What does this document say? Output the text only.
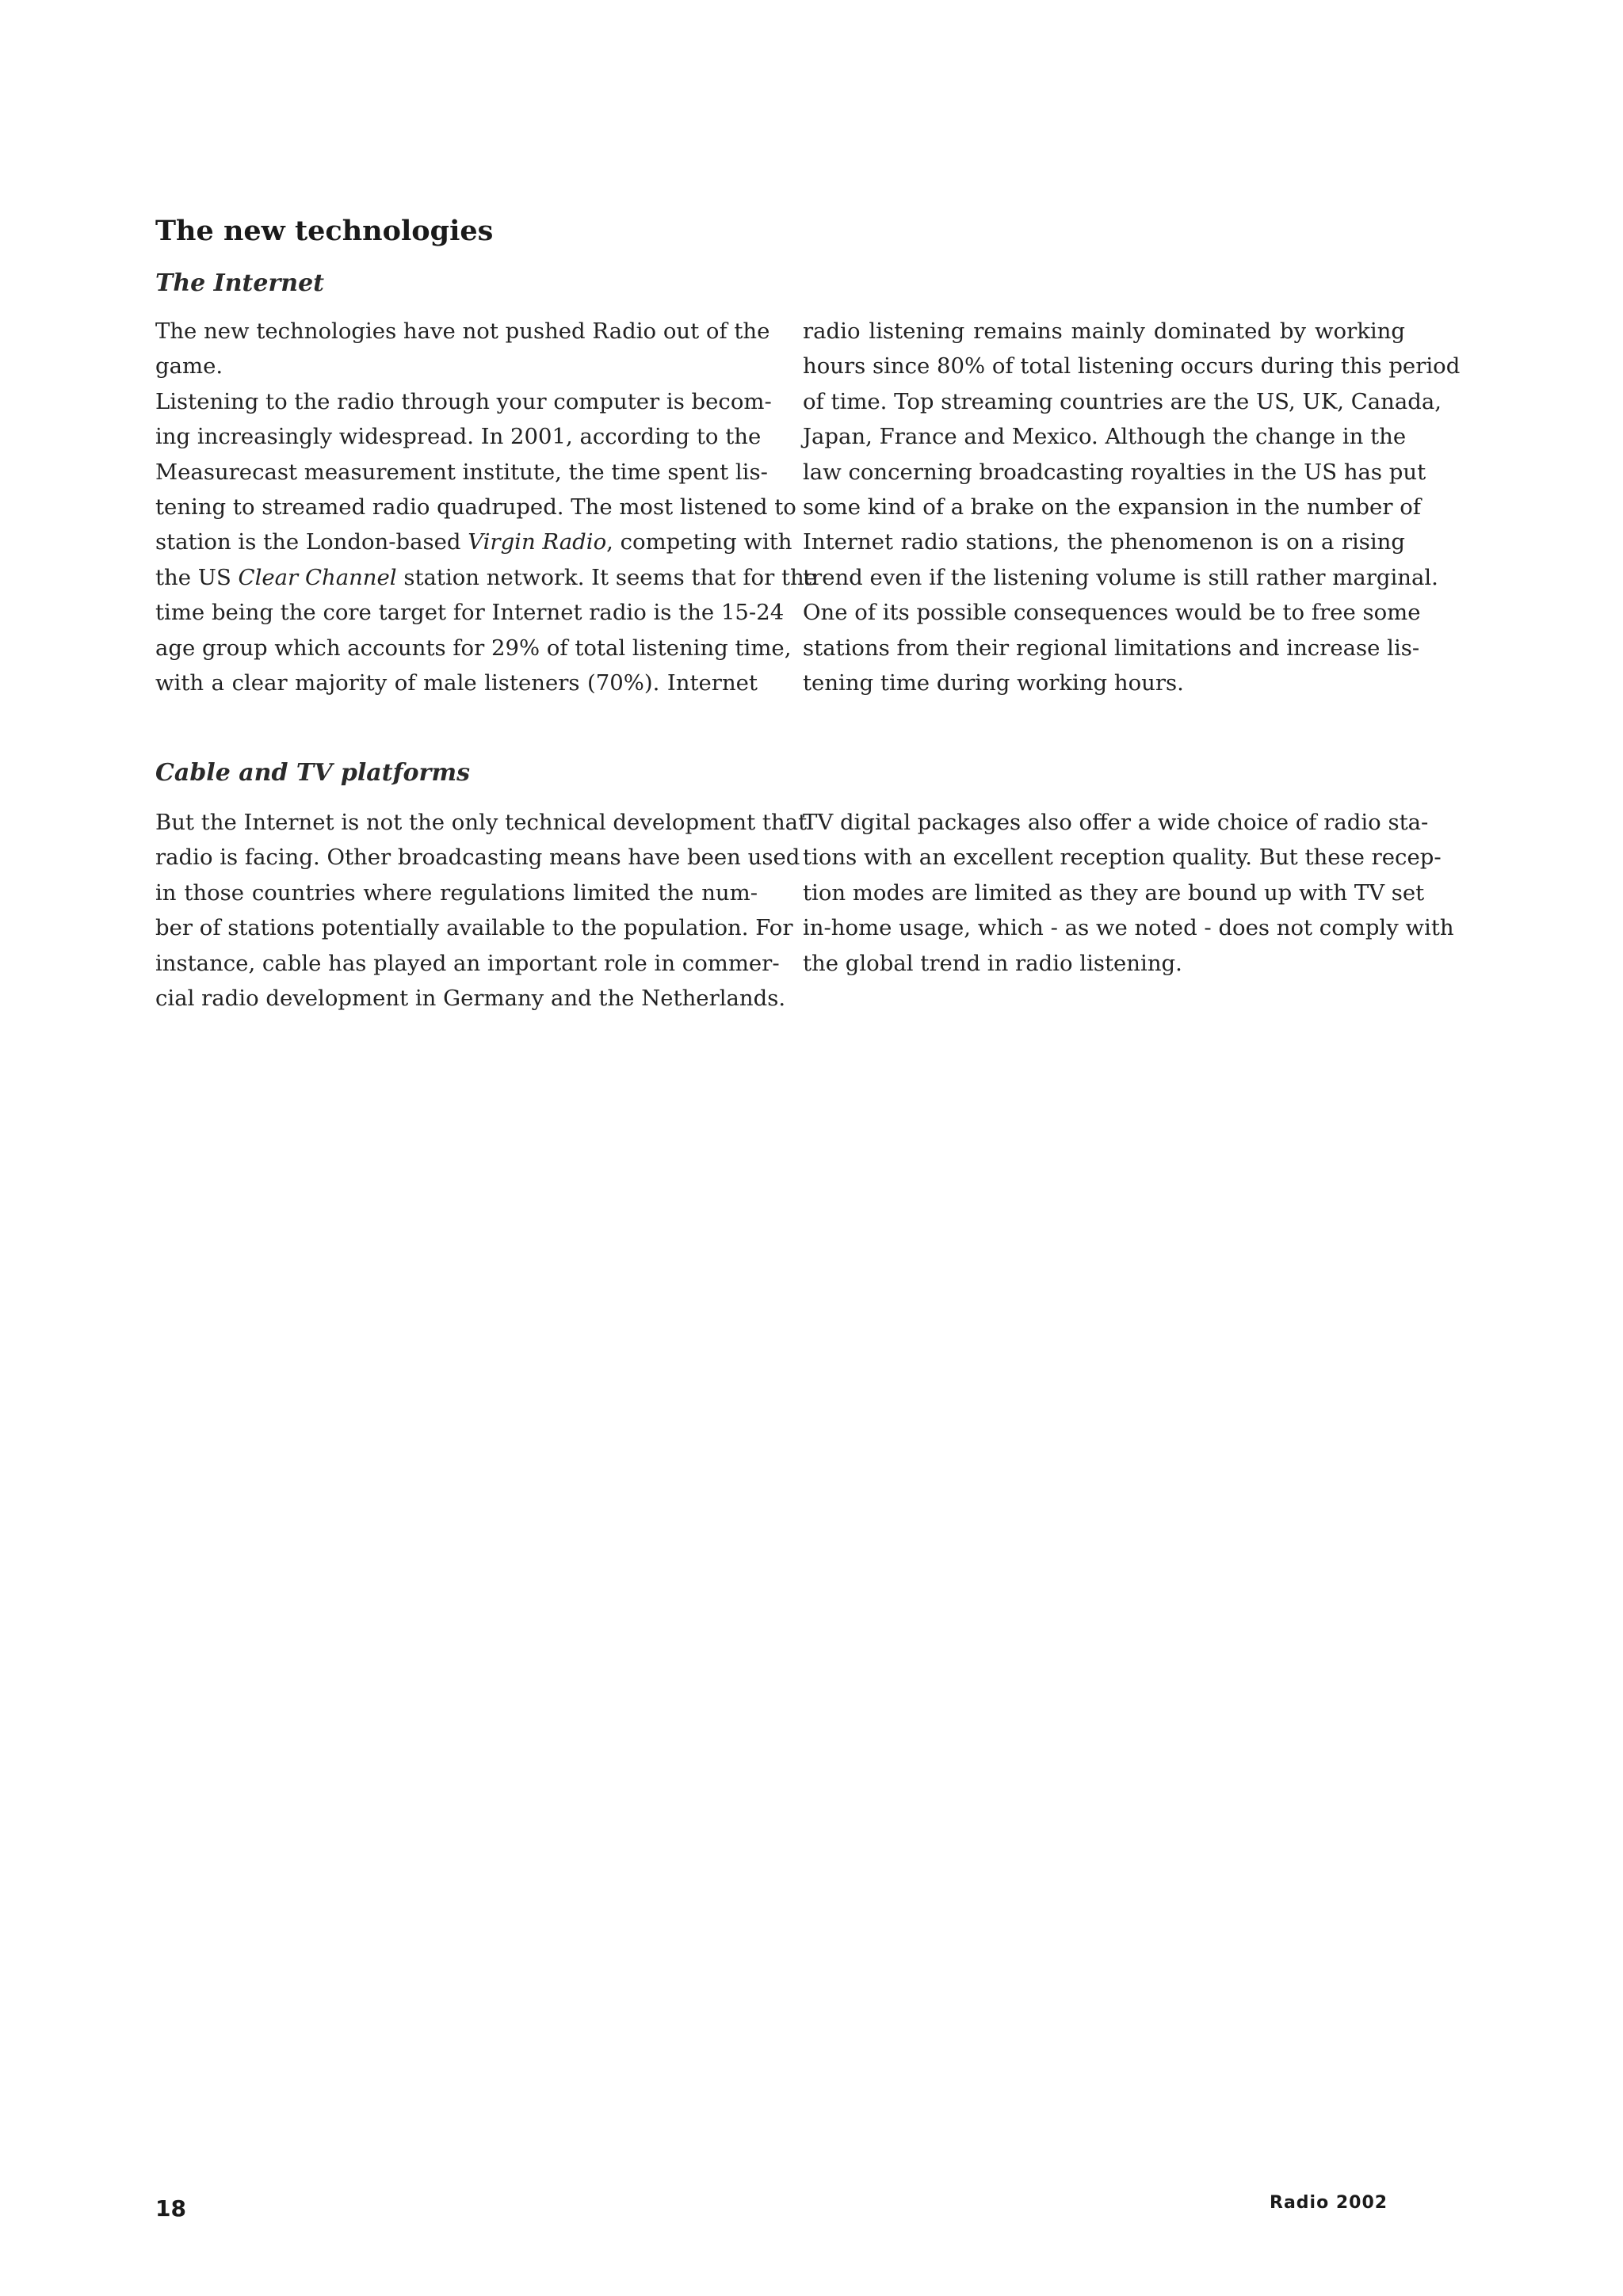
The new technologies
The Internet
The new technologies have not pushed Radio out of the
game.
Listening to the radio through your computer is becom-
ing increasingly widespread. In 2001, according to the
Measurecast measurement institute, the time spent lis-
tening to streamed radio quadruped. The most listened to
station is the London-based Virgin Radio, competing with
the US Clear Channel station network. It seems that for the
time being the core target for Internet radio is the 15-24
age group which accounts for 29% of total listening time,
with a clear majority of male listeners (70%). Internet
radio listening remains mainly dominated by working
hours since 80% of total listening occurs during this period
of time. Top streaming countries are the US, UK, Canada,
Japan, France and Mexico. Although the change in the
law concerning broadcasting royalties in the US has put
some kind of a brake on the expansion in the number of
Internet radio stations, the phenomenon is on a rising
trend even if the listening volume is still rather marginal.
One of its possible consequences would be to free some
stations from their regional limitations and increase lis-
tening time during working hours.
Cable and TV platforms
But the Internet is not the only technical development that
radio is facing. Other broadcasting means have been used
in those countries where regulations limited the num-
ber of stations potentially available to the population. For
instance, cable has played an important role in commer-
cial radio development in Germany and the Netherlands.
TV digital packages also offer a wide choice of radio sta-
tions with an excellent reception quality. But these recep-
tion modes are limited as they are bound up with TV set
in-home usage, which - as we noted - does not comply with
the global trend in radio listening.

18	Radio 2002
